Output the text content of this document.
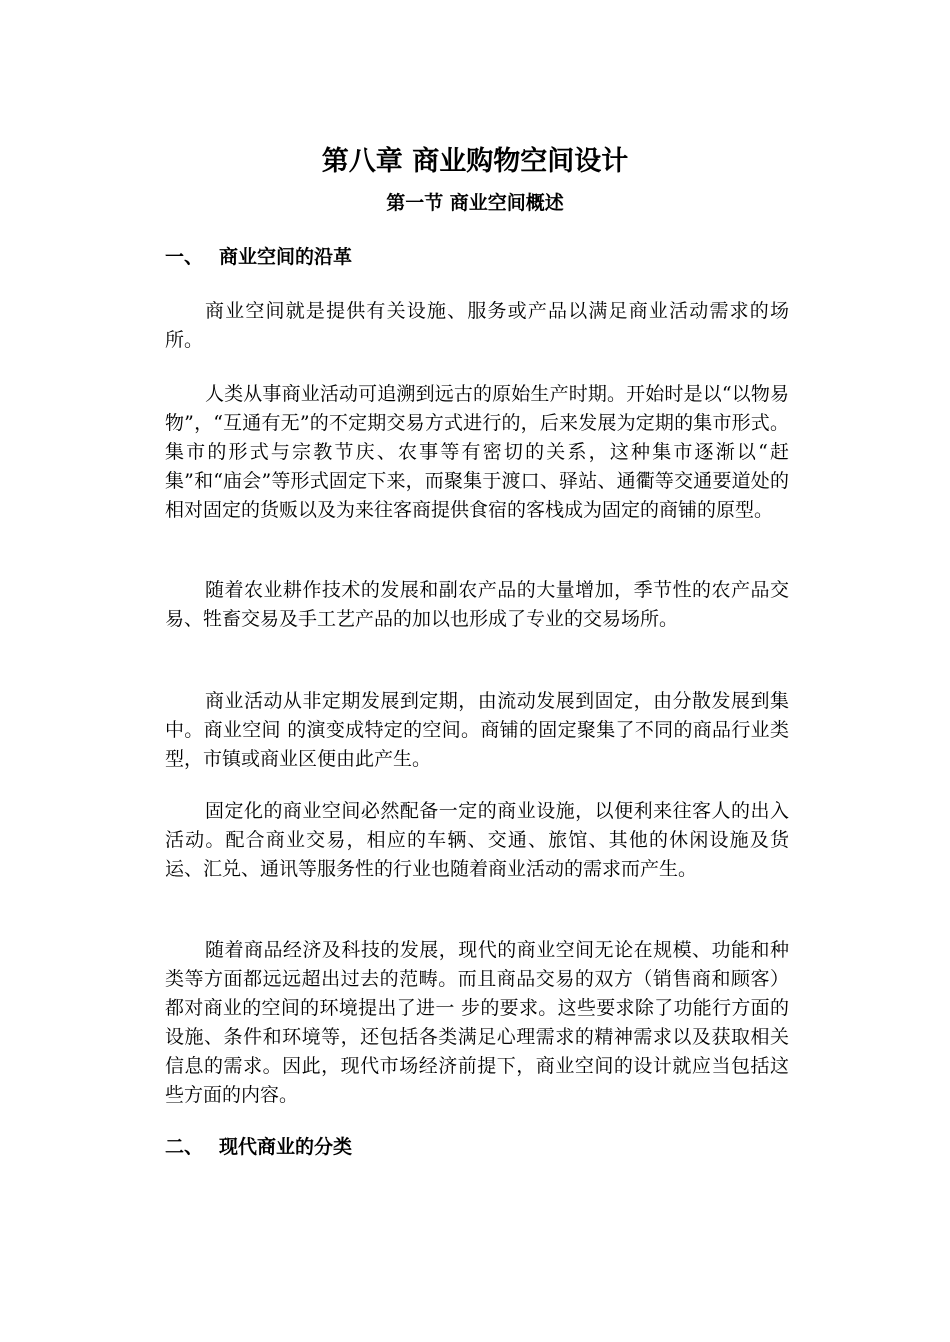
第八章 商业购物空间设计
第一节 商业空间概述
一、 商业空间的沿革

商业空间就是提供有关设施、服务或产品以满足商业活动需求的场所。

人类从事商业活动可追溯到远古的原始生产时期。开始时是以“以物易物”，“互通有无”的不定期交易方式进行的，后来发展为定期的集市形式。集市的形式与宗教节庆、农事等有密切的关系，这种集市逐渐以“赶集”和“庙会”等形式固定下来，而聚集于渡口、驿站、通衢等交通要道处的相对固定的货贩以及为来往客商提供食宿的客栈成为固定的商铺的原型。

随着农业耕作技术的发展和副农产品的大量增加，季节性的农产品交易、牲畜交易及手工艺产品的加以也形成了专业的交易场所。

商业活动从非定期发展到定期，由流动发展到固定，由分散发展到集中。商业空间 的演变成特定的空间。商铺的固定聚集了不同的商品行业类型，市镇或商业区便由此产生。

固定化的商业空间必然配备一定的商业设施，以便利来往客人的出入活动。配合商业交易，相应的车辆、交通、旅馆、其他的休闲设施及货运、汇兑、通讯等服务性的行业也随着商业活动的需求而产生。

随着商品经济及科技的发展，现代的商业空间无论在规模、功能和种类等方面都远远超出过去的范畴。而且商品交易的双方（销售商和顾客）都对商业的空间的环境提出了进一 步的要求。这些要求除了功能行方面的设施、条件和环境等，还包括各类满足心理需求的精神需求以及获取相关信息的需求。因此，现代市场经济前提下，商业空间的设计就应当包括这些方面的内容。

二、 现代商业的分类
